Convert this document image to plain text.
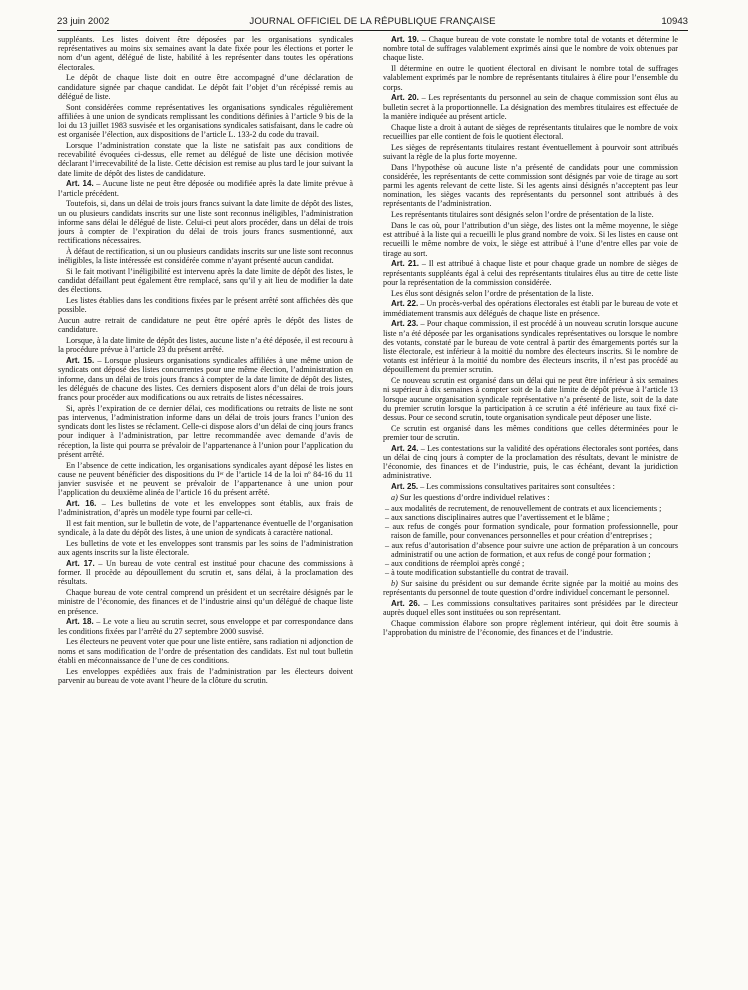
23 juin 2002	JOURNAL OFFICIEL DE LA RÉPUBLIQUE FRANÇAISE	10943

suppléants. Les listes doivent être déposées par les organisations syndicales représentatives au moins six semaines avant la date fixée pour les élections et porter le nom d’un agent, délégué de liste, habilité à les représenter dans toutes les opérations électorales.

Le dépôt de chaque liste doit en outre être accompagné d’une déclaration de candidature signée par chaque candidat. Le dépôt fait l’objet d’un récépissé remis au délégué de liste.

Sont considérées comme représentatives les organisations syndicales régulièrement affiliées à une union de syndicats remplissant les conditions définies à l’article 9 bis de la loi du 13 juillet 1983 susvisée et les organisations syndicales satisfaisant, dans le cadre où est organisée l’élection, aux dispositions de l’article L. 133-2 du code du travail.

Lorsque l’administration constate que la liste ne satisfait pas aux conditions de recevabilité évoquées ci-dessus, elle remet au délégué de liste une décision motivée déclarant l’irrecevabilité de la liste. Cette décision est remise au plus tard le jour suivant la date limite de dépôt des listes de candidature.

Art. 14. – Aucune liste ne peut être déposée ou modifiée après la date limite prévue à l’article précédent.

Toutefois, si, dans un délai de trois jours francs suivant la date limite de dépôt des listes, un ou plusieurs candidats inscrits sur une liste sont reconnus inéligibles, l’administration informe sans délai le délégué de liste. Celui-ci peut alors procéder, dans un délai de trois jours à compter de l’expiration du délai de trois jours francs susmentionné, aux rectifications nécessaires.

À défaut de rectification, si un ou plusieurs candidats inscrits sur une liste sont reconnus inéligibles, la liste intéressée est considérée comme n’ayant présenté aucun candidat.

Si le fait motivant l’inéligibilité est intervenu après la date limite de dépôt des listes, le candidat défaillant peut également être remplacé, sans qu’il y ait lieu de modifier la date des élections.

Les listes établies dans les conditions fixées par le présent arrêté sont affichées dès que possible.

Aucun autre retrait de candidature ne peut être opéré après le dépôt des listes de candidature.

Lorsque, à la date limite de dépôt des listes, aucune liste n’a été déposée, il est recouru à la procédure prévue à l’article 23 du présent arrêté.

Art. 15. – Lorsque plusieurs organisations syndicales affiliées à une même union de syndicats ont déposé des listes concurrentes pour une même élection, l’administration en informe, dans un délai de trois jours francs à compter de la date limite de dépôt des listes, les délégués de chacune des listes. Ces derniers disposent alors d’un délai de trois jours francs pour procéder aux modifications ou aux retraits de listes nécessaires.

Si, après l’expiration de ce dernier délai, ces modifications ou retraits de liste ne sont pas intervenus, l’administration informe dans un délai de trois jours francs l’union des syndicats dont les listes se réclament. Celle-ci dispose alors d’un délai de cinq jours francs pour indiquer à l’administration, par lettre recommandée avec demande d’avis de réception, la liste qui pourra se prévaloir de l’appartenance à l’union pour l’application du présent arrêté.

En l’absence de cette indication, les organisations syndicales ayant déposé les listes en cause ne peuvent bénéficier des dispositions du Iᵉʳ de l’article 14 de la loi nº 84-16 du 11 janvier susvisée et ne peuvent se prévaloir de l’appartenance à une union pour l’application du deuxième alinéa de l’article 16 du présent arrêté.

Art. 16. – Les bulletins de vote et les enveloppes sont établis, aux frais de l’administration, d’après un modèle type fourni par celle-ci.

Il est fait mention, sur le bulletin de vote, de l’appartenance éventuelle de l’organisation syndicale, à la date du dépôt des listes, à une union de syndicats à caractère national.

Les bulletins de vote et les enveloppes sont transmis par les soins de l’administration aux agents inscrits sur la liste électorale.

Art. 17. – Un bureau de vote central est institué pour chacune des commissions à former. Il procède au dépouillement du scrutin et, sans délai, à la proclamation des résultats.

Chaque bureau de vote central comprend un président et un secrétaire désignés par le ministre de l’économie, des finances et de l’industrie ainsi qu’un délégué de chaque liste en présence.

Art. 18. – Le vote a lieu au scrutin secret, sous enveloppe et par correspondance dans les conditions fixées par l’arrêté du 27 septembre 2000 susvisé.

Les électeurs ne peuvent voter que pour une liste entière, sans radiation ni adjonction de noms et sans modification de l’ordre de présentation des candidats. Est nul tout bulletin établi en méconnaissance de l’une de ces conditions.

Les enveloppes expédiées aux frais de l’administration par les électeurs doivent parvenir au bureau de vote avant l’heure de la clôture du scrutin.

Art. 19. – Chaque bureau de vote constate le nombre total de votants et détermine le nombre total de suffrages valablement exprimés ainsi que le nombre de voix obtenues par chaque liste.

Il détermine en outre le quotient électoral en divisant le nombre total de suffrages valablement exprimés par le nombre de représentants titulaires à élire pour l’ensemble du corps.

Art. 20. – Les représentants du personnel au sein de chaque commission sont élus au bulletin secret à la proportionnelle. La désignation des membres titulaires est effectuée de la manière indiquée au présent article.

Chaque liste a droit à autant de sièges de représentants titulaires que le nombre de voix recueillies par elle contient de fois le quotient électoral.

Les sièges de représentants titulaires restant éventuellement à pourvoir sont attribués suivant la règle de la plus forte moyenne.

Dans l’hypothèse où aucune liste n’a présenté de candidats pour une commission considérée, les représentants de cette commission sont désignés par voie de tirage au sort parmi les agents relevant de cette liste. Si les agents ainsi désignés n’acceptent pas leur nomination, les sièges vacants des représentants du personnel sont attribués à des représentants de l’administration.

Les représentants titulaires sont désignés selon l’ordre de présentation de la liste.

Dans le cas où, pour l’attribution d’un siège, des listes ont la même moyenne, le siège est attribué à la liste qui a recueilli le plus grand nombre de voix. Si les listes en cause ont recueilli le même nombre de voix, le siège est attribué à l’une d’entre elles par voie de tirage au sort.

Art. 21. – Il est attribué à chaque liste et pour chaque grade un nombre de sièges de représentants suppléants égal à celui des représentants titulaires élus au titre de cette liste pour la représentation de la commission considérée.

Les élus sont désignés selon l’ordre de présentation de la liste.

Art. 22. – Un procès-verbal des opérations électorales est établi par le bureau de vote et immédiatement transmis aux délégués de chaque liste en présence.

Art. 23. – Pour chaque commission, il est procédé à un nouveau scrutin lorsque aucune liste n’a été déposée par les organisations syndicales représentatives ou lorsque le nombre des votants, constaté par le bureau de vote central à partir des émargements portés sur la liste électorale, est inférieur à la moitié du nombre des électeurs inscrits. Si le nombre de votants est inférieur à la moitié du nombre des électeurs inscrits, il n’est pas procédé au dépouillement du premier scrutin.

Ce nouveau scrutin est organisé dans un délai qui ne peut être inférieur à six semaines ni supérieur à dix semaines à compter soit de la date limite de dépôt prévue à l’article 13 lorsque aucune organisation syndicale représentative n’a présenté de liste, soit de la date du premier scrutin lorsque la participation à ce scrutin a été inférieure au taux fixé ci-dessus. Pour ce second scrutin, toute organisation syndicale peut déposer une liste.

Ce scrutin est organisé dans les mêmes conditions que celles déterminées pour le premier tour de scrutin.

Art. 24. – Les contestations sur la validité des opérations électorales sont portées, dans un délai de cinq jours à compter de la proclamation des résultats, devant le ministre de l’économie, des finances et de l’industrie, puis, le cas échéant, devant la juridiction administrative.

Art. 25. – Les commissions consultatives paritaires sont consultées :

a) Sur les questions d’ordre individuel relatives :

– aux modalités de recrutement, de renouvellement de contrats et aux licenciements ;
– aux sanctions disciplinaires autres que l’avertissement et le blâme ;
– aux refus de congés pour formation syndicale, pour formation professionnelle, pour raison de famille, pour convenances personnelles et pour création d’entreprises ;
– aux refus d’autorisation d’absence pour suivre une action de préparation à un concours administratif ou une action de formation, et aux refus de congé pour formation ;
– aux conditions de réemploi après congé ;
– à toute modification substantielle du contrat de travail.

b) Sur saisine du président ou sur demande écrite signée par la moitié au moins des représentants du personnel de toute question d’ordre individuel concernant le personnel.

Art. 26. – Les commissions consultatives paritaires sont présidées par le directeur auprès duquel elles sont instituées ou son représentant.

Chaque commission élabore son propre règlement intérieur, qui doit être soumis à l’approbation du ministre de l’économie, des finances et de l’industrie.
